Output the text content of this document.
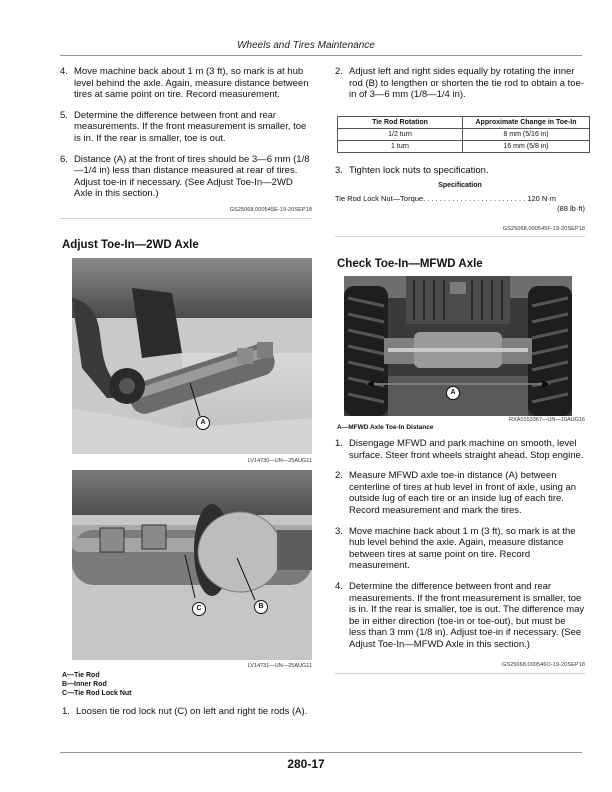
Wheels and Tires Maintenance
4. Move machine back about 1 m (3 ft), so mark is at hub level behind the axle. Again, measure distance between tires at same point on tire. Record measurement.
5. Determine the difference between front and rear measurements. If the front measurement is smaller, toe is in. If the rear is smaller, toe is out.
6. Distance (A) at the front of tires should be 3—6 mm (1/8—1/4 in) less than distance measured at rear of tires. Adjust toe-in if necessary. (See Adjust Toe-In—2WD Axle in this section.)
GS25068,000545E-19-20SEP18
Adjust Toe-In—2WD Axle
A
LV14730—UN—25AUG11
C	B
LV14731—UN—25AUG11
A—Tie Rod
B—Inner Rod
C—Tie Rod Lock Nut
1. Loosen tie rod lock nut (C) on left and right tie rods (A).
2. Adjust left and right sides equally by rotating the inner rod (B) to lengthen or shorten the tie rod to obtain a toe-in of 3—6 mm (1/8—1/4 in).
Tie Rod Rotation	Approximate Change in Toe-In
1/2 turn	8 mm (5/16 in)
1 turn	16 mm (5/8 in)
3. Tighten lock nuts to specification.
Specification
Tie Rod Lock Nut—Torque. . . . . . . . . . . . . . . . . . . . . . . . . 120 N·m
(88 lb·ft)
GS25068,000545F-19-20SEP18
Check Toe-In—MFWD Axle
A
RXA0153367—UN—10AUG16
A—MFWD Axle Toe-In Distance
1. Disengage MFWD and park machine on smooth, level surface. Steer front wheels straight ahead. Stop engine.
2. Measure MFWD axle toe-in distance (A) between centerline of tires at hub level in front of axle, using an outside lug of each tire or an inside lug of each tire. Record measurement and mark the tires.
3. Move machine back about 1 m (3 ft), so mark is at the hub level behind the axle. Again, measure distance between tires at same point on tire. Record measurement.
4. Determine the difference between front and rear measurements. If the front measurement is smaller, toe is in. If the rear is smaller, toe is out. The difference may be in either direction (toe-in or toe-out), but must be less than 3 mm (1/8 in). Adjust toe-in if necessary. (See Adjust Toe-In—MFWD Axle in this section.)
GS25068,000546O-19-20SEP18
280-17
